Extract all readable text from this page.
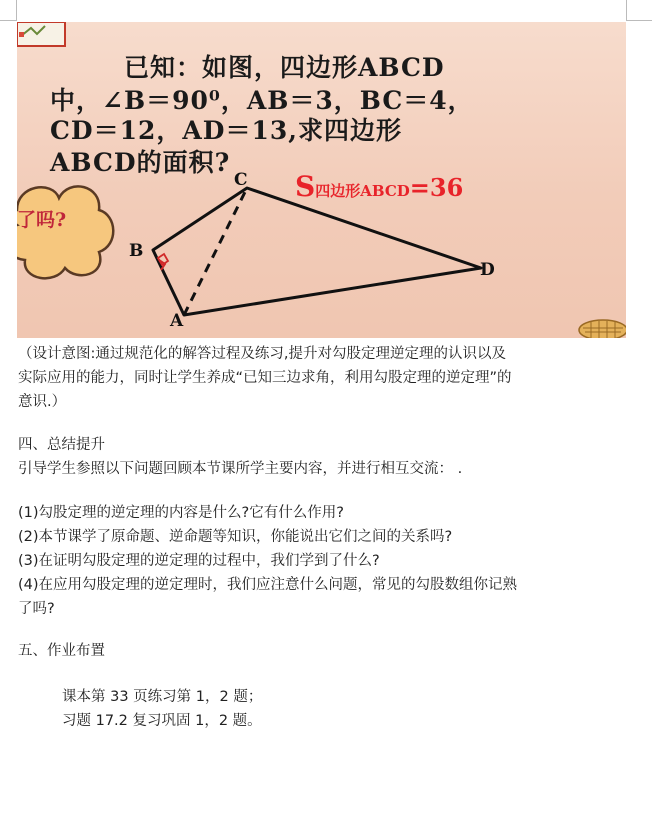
了吗?
已知：如图，四边形ABCD
中，∠B＝90⁰，AB＝3，BC＝4，
CD＝12，AD＝13,求四边形
ABCD的面积?
S四边形ABCD=36
C
B
A
D
（设计意图:通过规范化的解答过程及练习,提升对勾股定理逆定理的认识以及
实际应用的能力，同时让学生养成“已知三边求角，利用勾股定理的逆定理”的
意识.）
四、总结提升
引导学生参照以下问题回顾本节课所学主要内容，并进行相互交流： .
(1)勾股定理的逆定理的内容是什么?它有什么作用?
(2)本节课学了原命题、逆命题等知识，你能说出它们之间的关系吗?
(3)在证明勾股定理的逆定理的过程中，我们学到了什么?
(4)在应用勾股定理的逆定理时，我们应注意什么问题，常见的勾股数组你记熟
了吗?
五、作业布置
课本第 33 页练习第 1，2 题；
习题 17.2 复习巩固 1，2 题。
